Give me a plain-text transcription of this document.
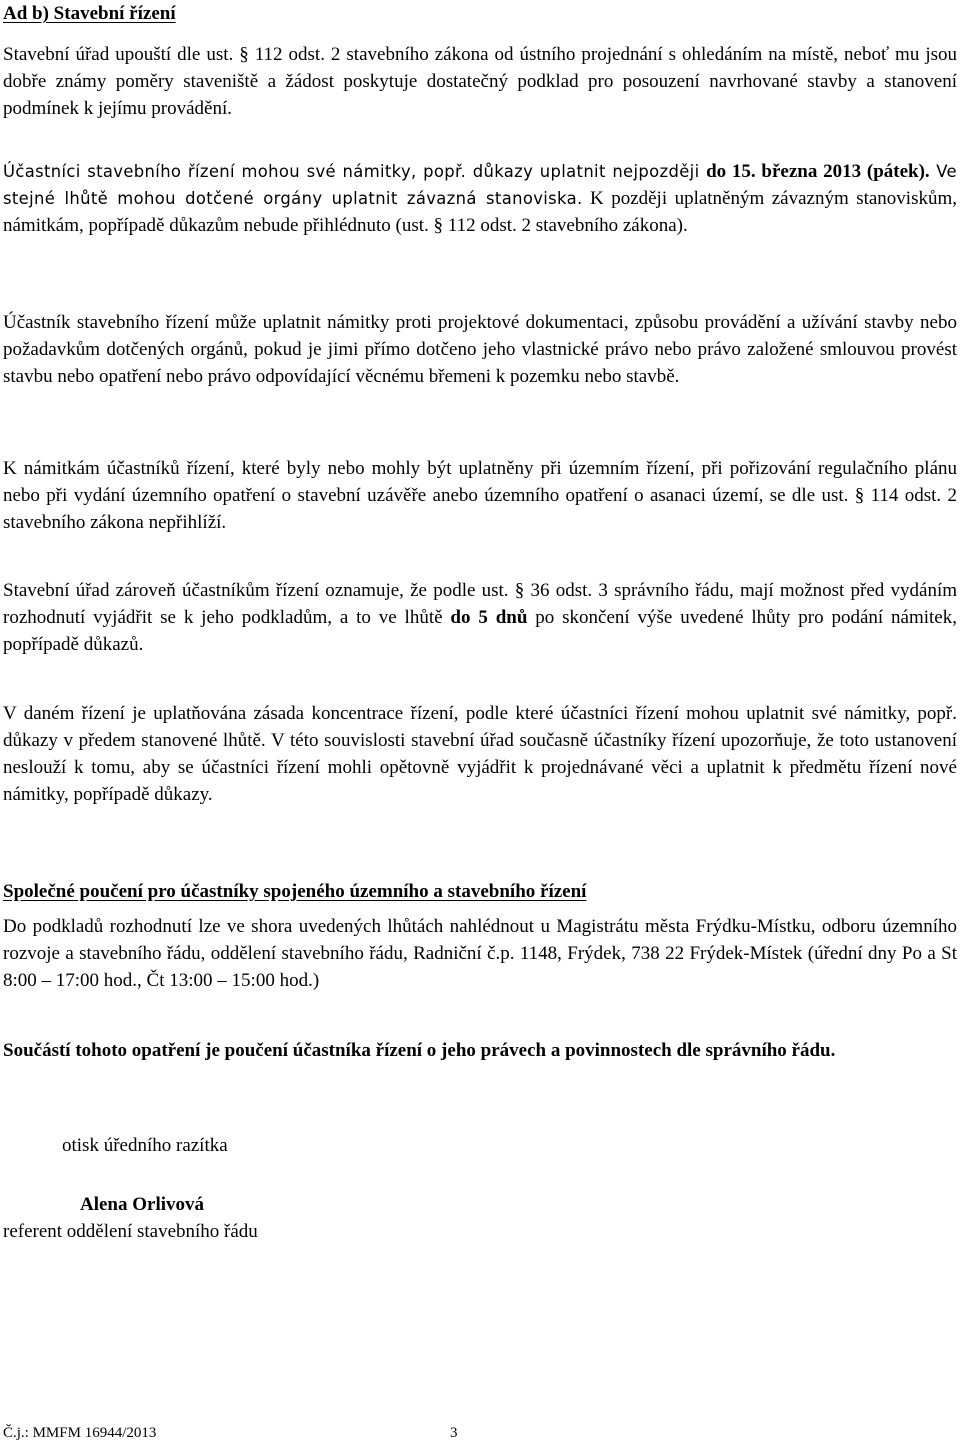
Ad b) Stavební řízení

Stavební úřad upouští dle ust. § 112 odst. 2 stavebního zákona od ústního projednání s ohledáním na místě, neboť mu jsou dobře známy poměry staveniště a žádost poskytuje dostatečný podklad pro posouzení navrhované stavby a stanovení podmínek k jejímu provádění.

Účastníci stavebního řízení mohou své námitky, popř. důkazy uplatnit nejpozději do 15. března 2013 (pátek). Ve stejné lhůtě mohou dotčené orgány uplatnit závazná stanoviska. K později uplatněným závazným stanoviskům, námitkám, popřípadě důkazům nebude přihlédnuto (ust. § 112 odst. 2 stavebního zákona).

Účastník stavebního řízení může uplatnit námitky proti projektové dokumentaci, způsobu provádění a užívání stavby nebo požadavkům dotčených orgánů, pokud je jimi přímo dotčeno jeho vlastnické právo nebo právo založené smlouvou provést stavbu nebo opatření nebo právo odpovídající věcnému břemeni k pozemku nebo stavbě.

K námitkám účastníků řízení, které byly nebo mohly být uplatněny při územním řízení, při pořizování regulačního plánu nebo při vydání územního opatření o stavební uzávěře anebo územního opatření o asanaci území, se dle ust. § 114 odst. 2 stavebního zákona nepřihlíží.

Stavební úřad zároveň účastníkům řízení oznamuje, že podle ust. § 36 odst. 3 správního řádu, mají možnost před vydáním rozhodnutí vyjádřit se k jeho podkladům, a to ve lhůtě do 5 dnů po skončení výše uvedené lhůty pro podání námitek, popřípadě důkazů.

V daném řízení je uplatňována zásada koncentrace řízení, podle které účastníci řízení mohou uplatnit své námitky, popř. důkazy v předem stanovené lhůtě. V této souvislosti stavební úřad současně účastníky řízení upozorňuje, že toto ustanovení neslouží k tomu, aby se účastníci řízení mohli opětovně vyjádřit k projednávané věci a uplatnit k předmětu řízení nové námitky, popřípadě důkazy.

Společné poučení pro účastníky spojeného územního a stavebního řízení

Do podkladů rozhodnutí lze ve shora uvedených lhůtách nahlédnout u Magistrátu města Frýdku-Místku, odboru územního rozvoje a stavebního řádu, oddělení stavebního řádu, Radniční č.p. 1148, Frýdek, 738 22 Frýdek-Místek (úřední dny Po a St 8:00 – 17:00 hod., Čt 13:00 – 15:00 hod.)

Součástí tohoto opatření je poučení účastníka řízení o jeho právech a povinnostech dle správního řádu.

otisk úředního razítka
Alena Orlivová
referent oddělení stavebního řádu
Č.j.: MMFM 16944/2013	3
